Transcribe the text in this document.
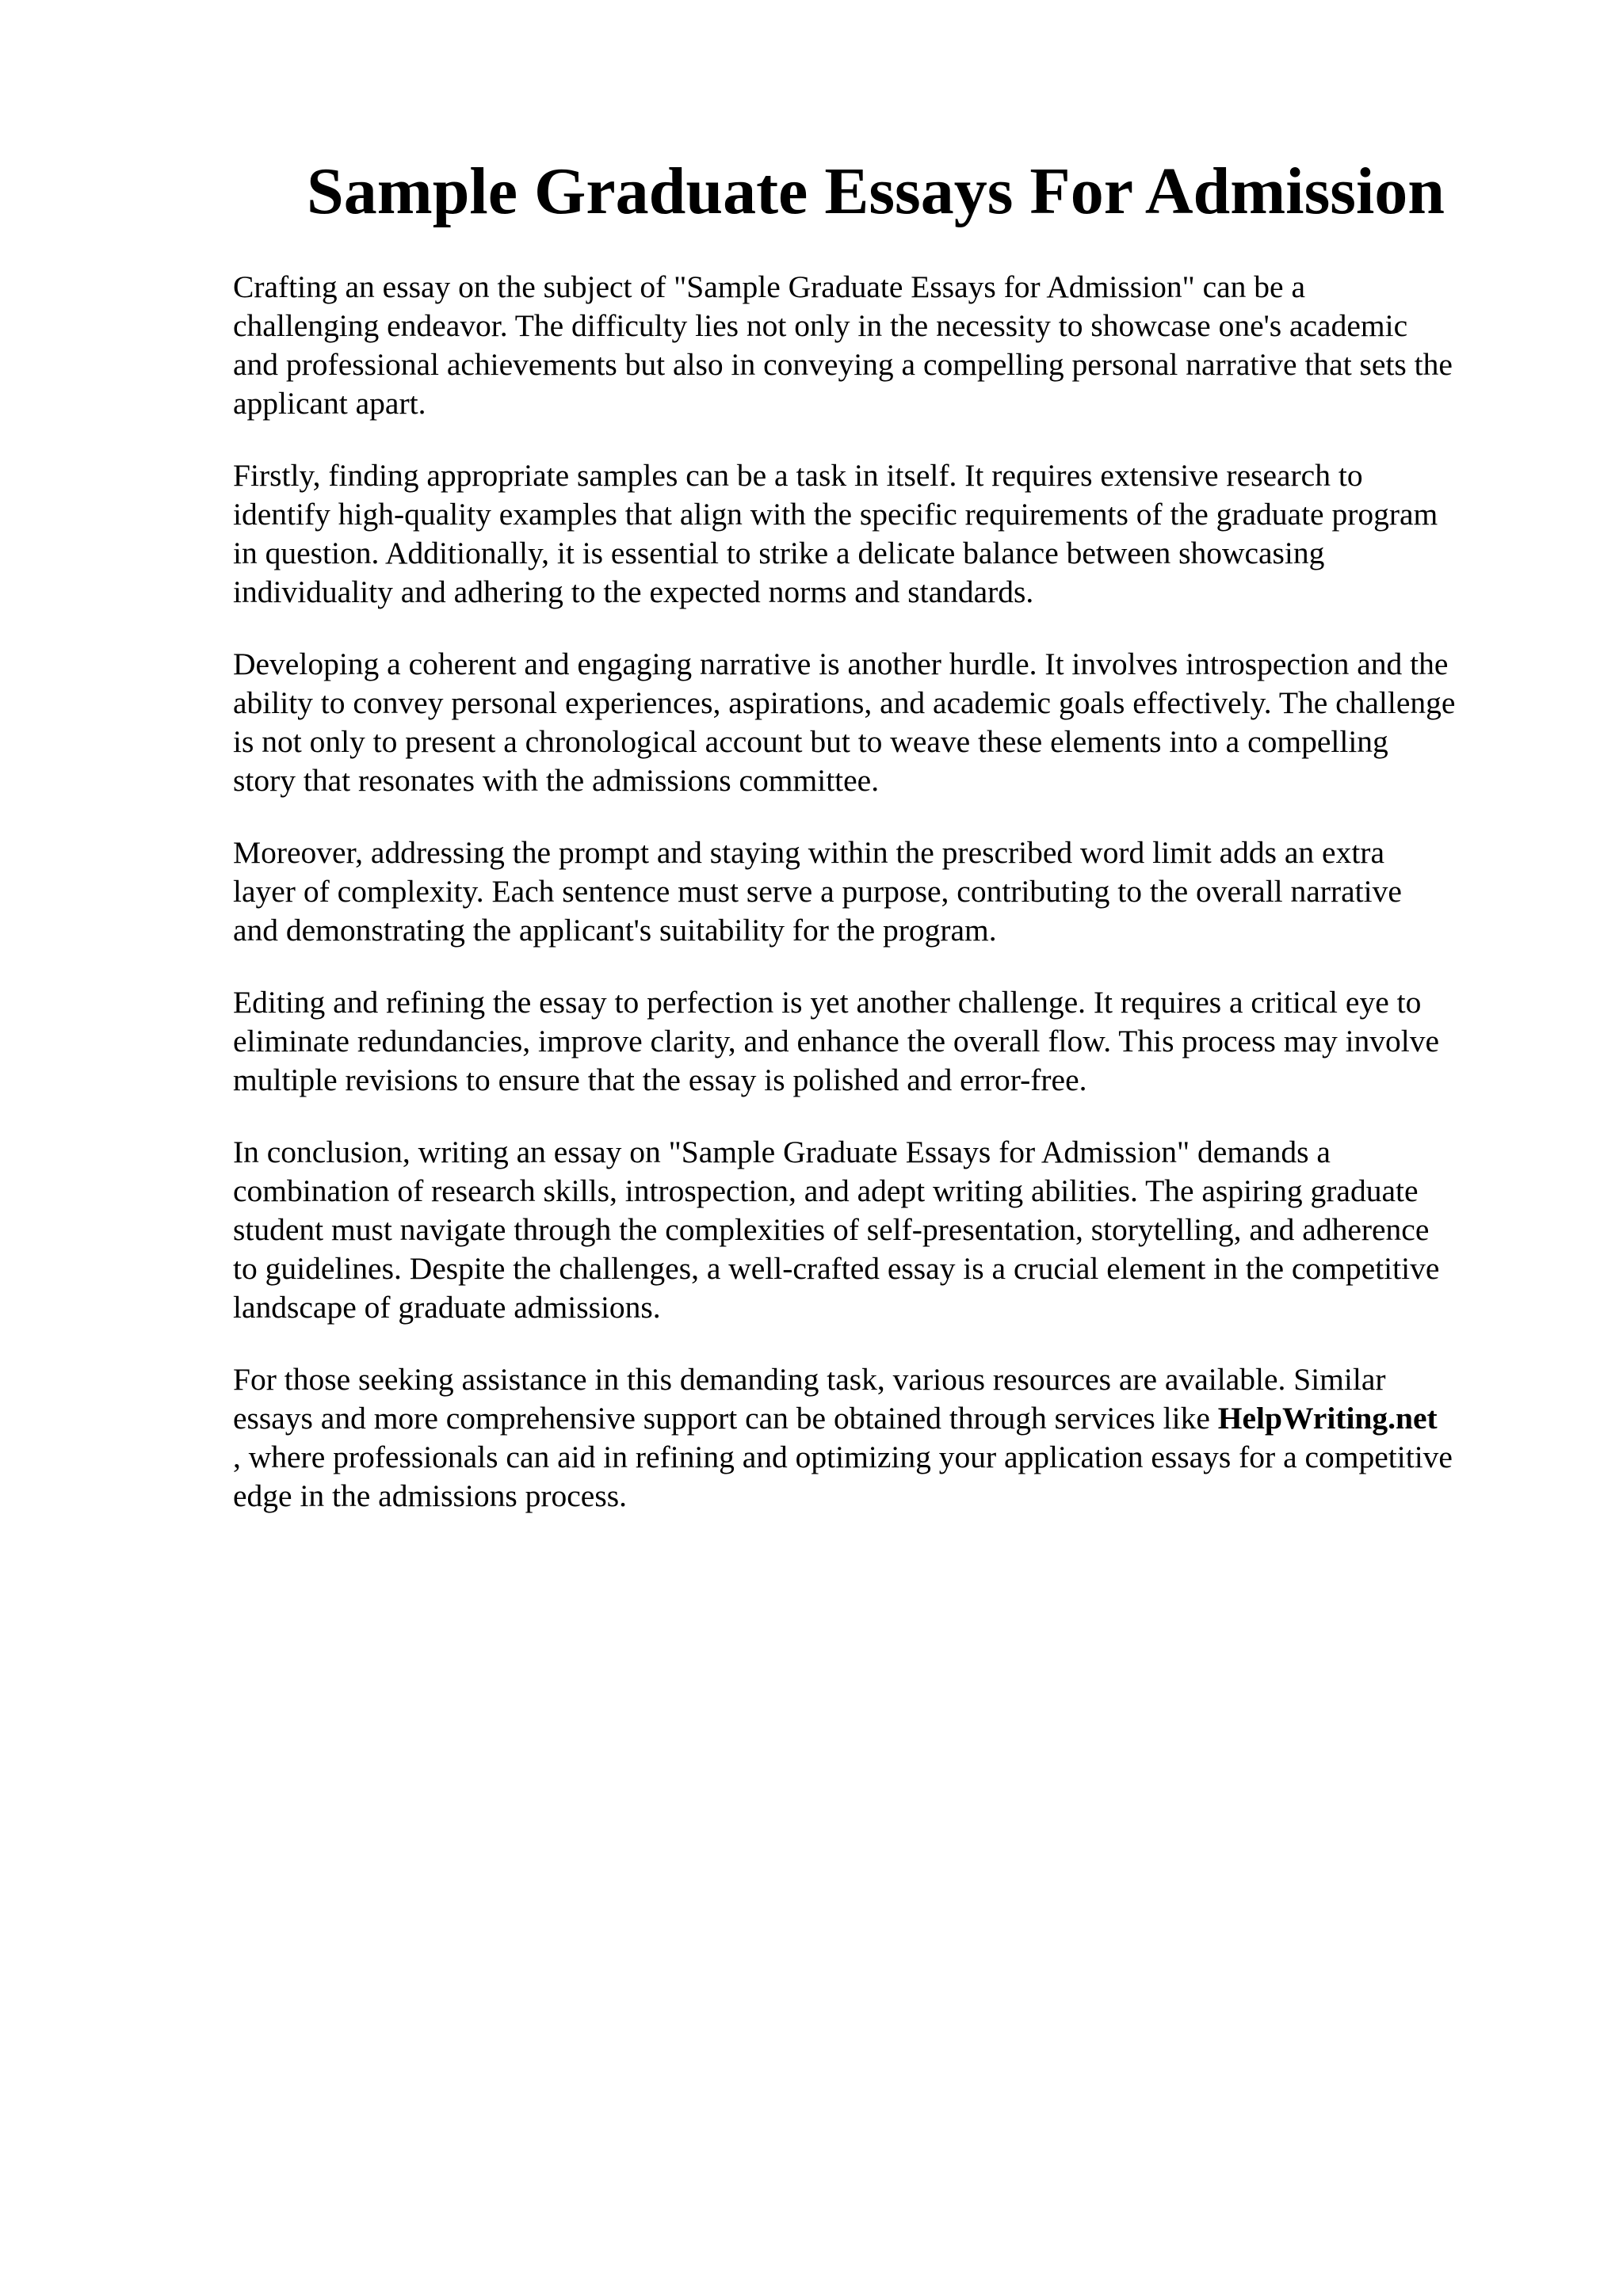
Sample Graduate Essays For Admission

Crafting an essay on the subject of "Sample Graduate Essays for Admission" can be a
challenging endeavor. The difficulty lies not only in the necessity to showcase one's academic
and professional achievements but also in conveying a compelling personal narrative that sets the
applicant apart.

Firstly, finding appropriate samples can be a task in itself. It requires extensive research to
identify high-quality examples that align with the specific requirements of the graduate program
in question. Additionally, it is essential to strike a delicate balance between showcasing
individuality and adhering to the expected norms and standards.

Developing a coherent and engaging narrative is another hurdle. It involves introspection and the
ability to convey personal experiences, aspirations, and academic goals effectively. The challenge
is not only to present a chronological account but to weave these elements into a compelling
story that resonates with the admissions committee.

Moreover, addressing the prompt and staying within the prescribed word limit adds an extra
layer of complexity. Each sentence must serve a purpose, contributing to the overall narrative
and demonstrating the applicant's suitability for the program.

Editing and refining the essay to perfection is yet another challenge. It requires a critical eye to
eliminate redundancies, improve clarity, and enhance the overall flow. This process may involve
multiple revisions to ensure that the essay is polished and error-free.

In conclusion, writing an essay on "Sample Graduate Essays for Admission" demands a
combination of research skills, introspection, and adept writing abilities. The aspiring graduate
student must navigate through the complexities of self-presentation, storytelling, and adherence
to guidelines. Despite the challenges, a well-crafted essay is a crucial element in the competitive
landscape of graduate admissions.

For those seeking assistance in this demanding task, various resources are available. Similar
essays and more comprehensive support can be obtained through services like HelpWriting.net
, where professionals can aid in refining and optimizing your application essays for a competitive
edge in the admissions process.
